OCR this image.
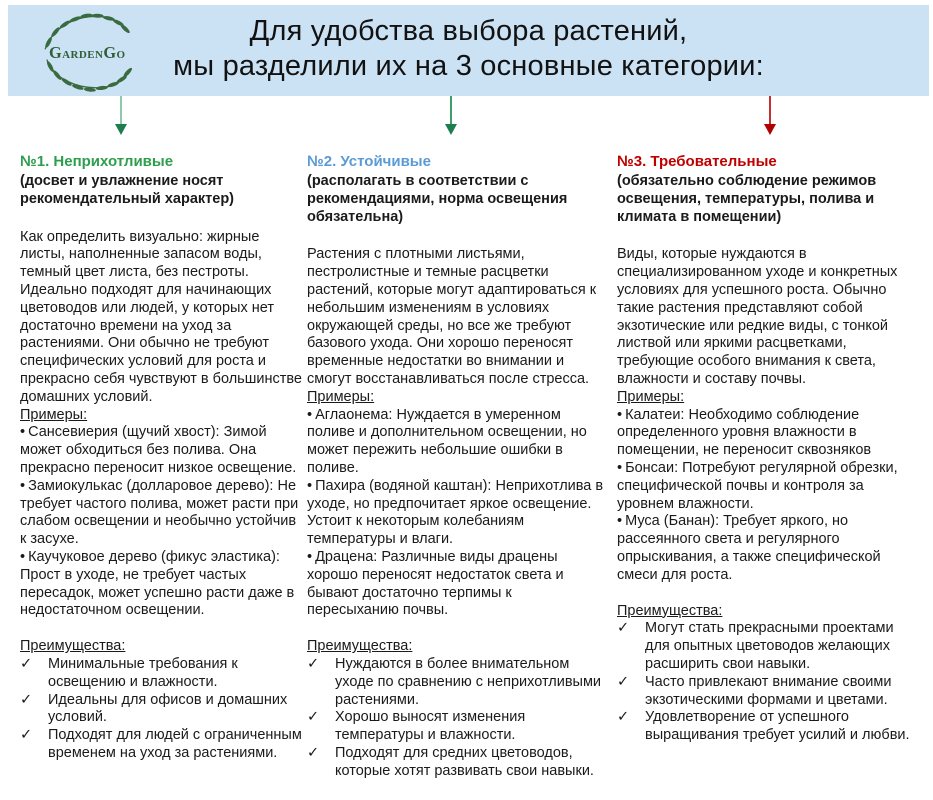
GardenGo
Для удобства выбора растений,
мы разделили их на 3 основные категории:
№1. Неприхотливые
(досвет и увлажнение носят рекомендательный характер)

Как определить визуально: жирные листы, наполненные запасом воды, темный цвет листа, без пестроты. Идеально подходят для начинающих цветоводов или людей, у которых нет достаточно времени на уход за растениями. Они обычно не требуют специфических условий для роста и прекрасно себя чувствуют в большинстве домашних условий.

Примеры:

• Сансевиерия (щучий хвост): Зимой может обходиться без полива. Она прекрасно переносит низкое освещение.

• Замиокулькас (долларовое дерево): Не требует частого полива, может расти при слабом освещении и необычно устойчив к засухе.

• Каучуковое дерево (фикус эластика): Прост в уходе, не требует частых пересадок, может успешно расти даже в недостаточном освещении.

Преимущества:

✓ Минимальные требования к освещению и влажности.
✓ Идеальны для офисов и домашних условий.
✓ Подходят для людей с ограниченным временем на уход за растениями.
№2. Устойчивые
(располагать в соответствии с рекомендациями, норма освещения обязательна)

Растения с плотными листьями, пестролистные и темные расцветки растений, которые могут адаптироваться к небольшим изменениям в условиях окружающей среды, но все же требуют базового ухода. Они хорошо переносят временные недостатки во внимании и смогут восстанавливаться после стресса.

Примеры:

• Аглаонема: Нуждается в умеренном поливе и дополнительном освещении, но может пережить небольшие ошибки в поливе.

• Пахира (водяной каштан): Неприхотлива в уходе, но предпочитает яркое освещение. Устоит к некоторым колебаниям температуры и влаги.

• Драцена: Различные виды драцены хорошо переносят недостаток света и бывают достаточно терпимы к пересыханию почвы.

Преимущества:

✓ Нуждаются в более внимательном уходе по сравнению с неприхотливыми растениями.
✓ Хорошо выносят изменения температуры и влажности.
✓ Подходят для средних цветоводов, которые хотят развивать свои навыки.
№3. Требовательные
(обязательно соблюдение режимов освещения, температуры, полива и климата в помещении)

Виды, которые нуждаются в специализированном уходе и конкретных условиях для успешного роста. Обычно такие растения представляют собой экзотические или редкие виды, с тонкой листвой или яркими расцветками, требующие особого внимания к света, влажности и составу почвы.

Примеры:

• Калатеи: Необходимо соблюдение определенного уровня влажности в помещении, не переносит сквозняков

• Бонсаи: Потребуют регулярной обрезки, специфической почвы и контроля за уровнем влажности.

• Муса (Банан): Требует яркого, но рассеянного света и регулярного опрыскивания, а также специфической смеси для роста.

Преимущества:

✓ Могут стать прекрасными проектами для опытных цветоводов желающих расширить свои навыки.
✓ Часто привлекают внимание своими экзотическими формами и цветами.
✓ Удовлетворение от успешного выращивания требует усилий и любви.
